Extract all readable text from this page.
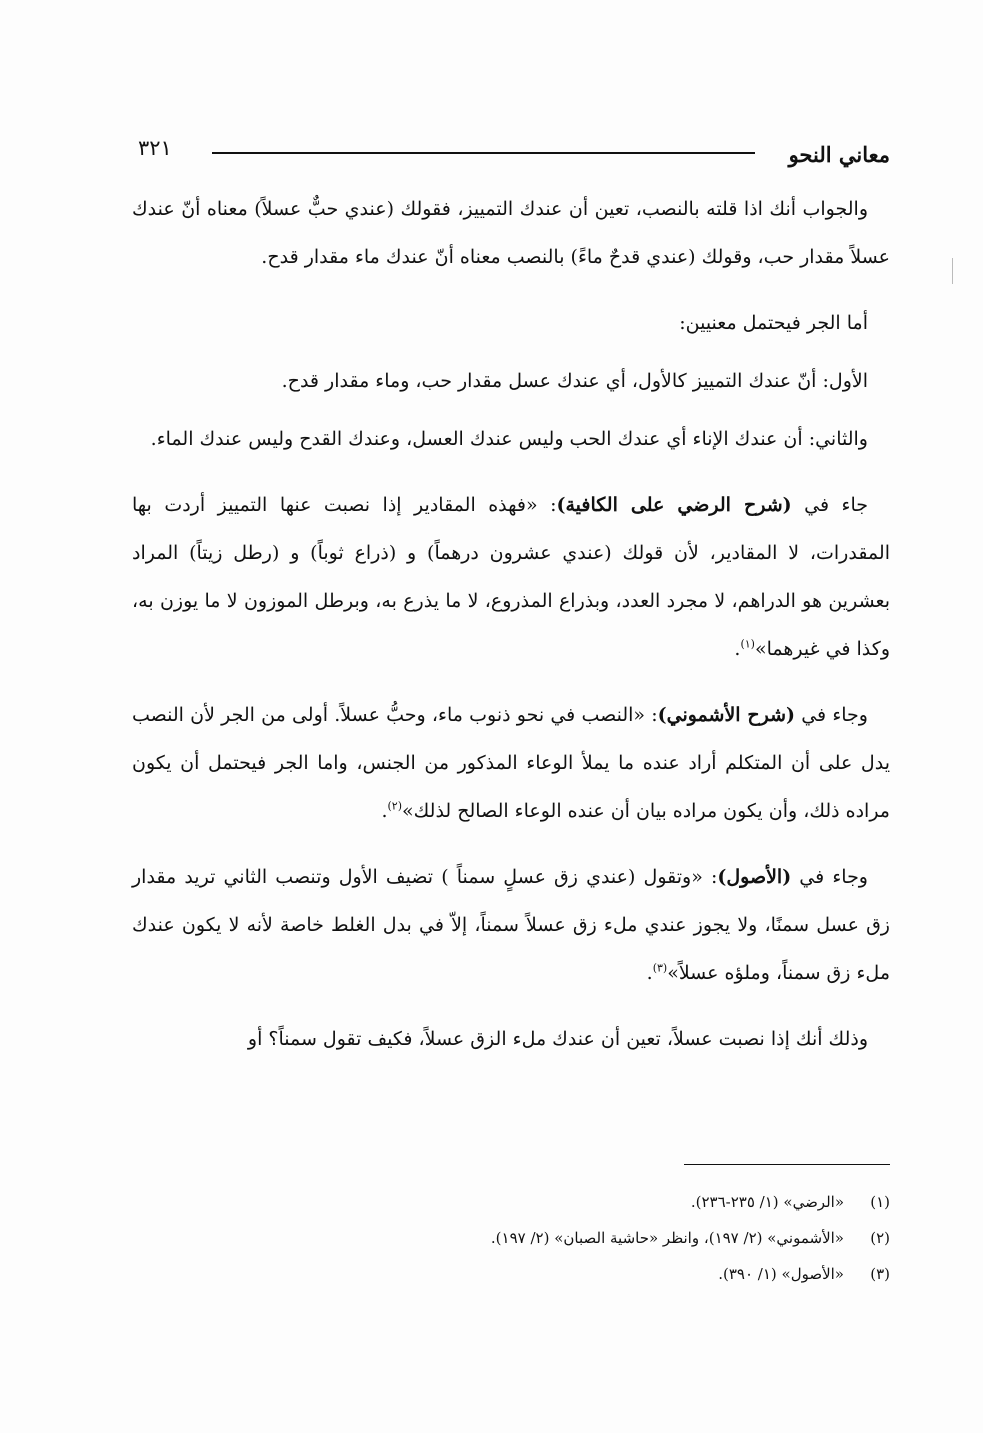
معاني النحو
٣٢١

والجواب أنك اذا قلته بالنصب، تعين أن عندك التمييز، فقولك (عندي حبٌّ عسلاً) معناه أنّ عندك عسلاً مقدار حب، وقولك (عندي قدحٌ ماءً) بالنصب معناه أنّ عندك ماء مقدار قدح.

أما الجر فيحتمل معنيين:

الأول: أنّ عندك التمييز كالأول، أي عندك عسل مقدار حب، وماء مقدار قدح.

والثاني: أن عندك الإناء أي عندك الحب وليس عندك العسل، وعندك القدح وليس عندك الماء.

جاء في (شرح الرضي على الكافية): «فهذه المقادير إذا نصبت عنها التمييز أردت بها المقدرات، لا المقادير، لأن قولك (عندي عشرون درهماً) و (ذراع ثوباً) و (رطل زيتاً) المراد بعشرين هو الدراهم، لا مجرد العدد، وبذراع المذروع، لا ما يذرع به، وبرطل الموزون لا ما يوزن به، وكذا في غيرهما»$^{(١)}$.

وجاء في (شرح الأشموني): «النصب في نحو ذنوب ماء، وحبُّ عسلاً. أولى من الجر لأن النصب يدل على أن المتكلم أراد عنده ما يملأ الوعاء المذكور من الجنس، واما الجر فيحتمل أن يكون مراده ذلك، وأن يكون مراده بيان أن عنده الوعاء الصالح لذلك»$^{(٢)}$.

وجاء في (الأصول): «وتقول (عندي زق عسلٍ سمناً ) تضيف الأول وتنصب الثاني تريد مقدار زق عسل سمنًا، ولا يجوز عندي ملء زق عسلاً سمناً، إلاّ في بدل الغلط خاصة لأنه لا يكون عندك ملء زق سمناً، وملؤه عسلاً»$^{(٣)}$.

وذلك أنك إذا نصبت عسلاً، تعين أن عندك ملء الزق عسلاً، فكيف تقول سمناً؟ أو

(١)«الرضي» (١/ ٢٣٥-٢٣٦).
(٢)«الأشموني» (٢/ ١٩٧)، وانظر «حاشية الصبان» (٢/ ١٩٧).
(٣)«الأصول» (١/ ٣٩٠).
